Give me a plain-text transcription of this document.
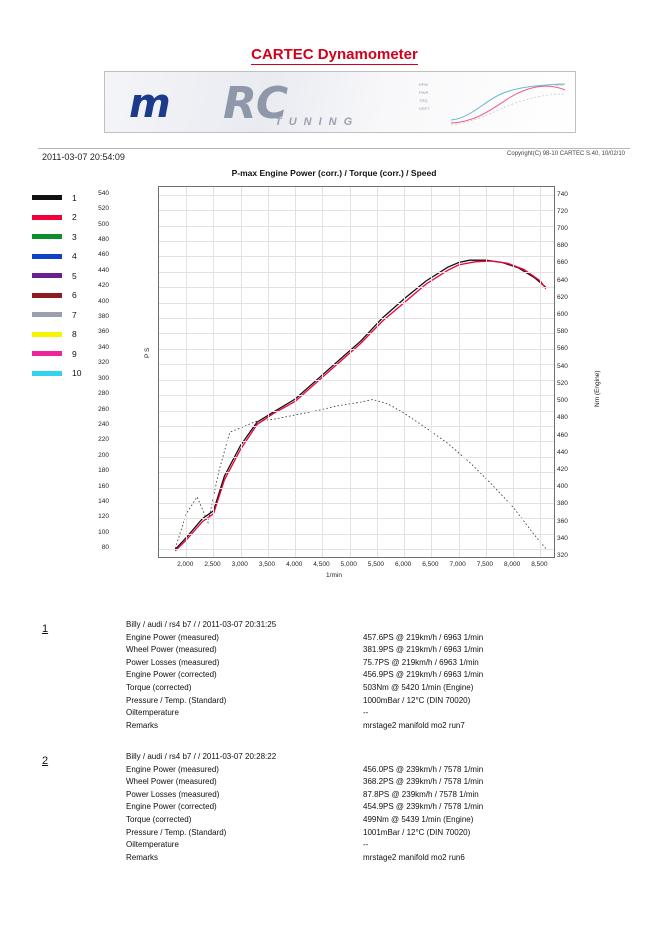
CARTEC Dynamometer
m RC
TUNING
RPM
PWR
TRQ
DRFT
SPD
2011-03-07 20:54:09	Copyright(C) 98-10 CARTEC S.40, 10/02/10
P-max Engine Power (corr.) / Torque (corr.) / Speed
P S
Nm (Engine)
1/min
540
520
500
480
460
440
420
400
380
360
340
320
300
280
260
240
220
200
180
160
140
120
100
80
740
720
700
680
660
640
620
600
580
560
540
520
500
480
460
440
420
400
380
360
340
320
2,000	2,500	3,000	3,500	4,000	4,500	5,000	5,500	6,000	6,500	7,000	7,500	8,000	8,500
1
2
3
4
5
6
7
8
9
10
1	Billy / audi / rs4 b7 / / 2011-03-07 20:31:25
Engine Power (measured)	457.6PS @ 219km/h / 6963 1/min
Wheel Power (measured)	381.9PS @ 219km/h / 6963 1/min
Power Losses (measured)	75.7PS @ 219km/h / 6963 1/min
Engine Power (corrected)	456.9PS @ 219km/h / 6963 1/min
Torque (corrected)	503Nm @ 5420 1/min (Engine)
Pressure / Temp. (Standard)	1000mBar / 12°C (DIN 70020)
Oiltemperature	--
Remarks	mrstage2 manifold mo2 run7
2	Billy / audi / rs4 b7 / / 2011-03-07 20:28:22
Engine Power (measured)	456.0PS @ 239km/h / 7578 1/min
Wheel Power (measured)	368.2PS @ 239km/h / 7578 1/min
Power Losses (measured)	87.8PS @ 239km/h / 7578 1/min
Engine Power (corrected)	454.9PS @ 239km/h / 7578 1/min
Torque (corrected)	499Nm @ 5439 1/min (Engine)
Pressure / Temp. (Standard)	1001mBar / 12°C (DIN 70020)
Oiltemperature	--
Remarks	mrstage2 manifold mo2 run6
